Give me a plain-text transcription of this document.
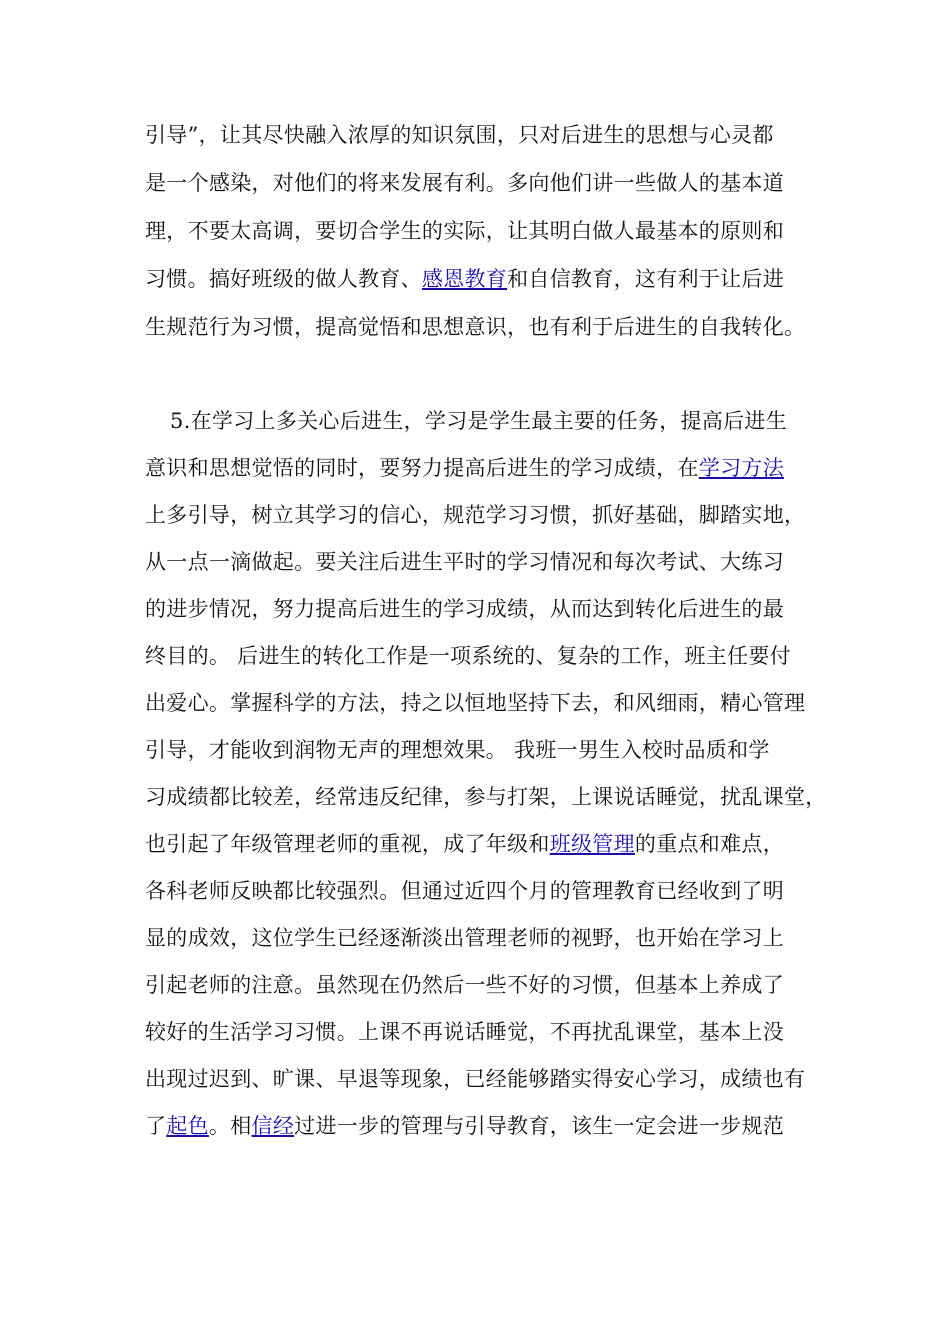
引导”，让其尽快融入浓厚的知识氛围，只对后进生的思想与心灵都
是一个感染，对他们的将来发展有利。多向他们讲一些做人的基本道
理，不要太高调，要切合学生的实际，让其明白做人最基本的原则和
习惯。搞好班级的做人教育、感恩教育和自信教育，这有利于让后进
生规范行为习惯，提高觉悟和思想意识，也有利于后进生的自我转化。
5.在学习上多关心后进生，学习是学生最主要的任务，提高后进生
意识和思想觉悟的同时，要努力提高后进生的学习成绩，在学习方法
上多引导，树立其学习的信心，规范学习习惯，抓好基础，脚踏实地，
从一点一滴做起。要关注后进生平时的学习情况和每次考试、大练习
的进步情况，努力提高后进生的学习成绩，从而达到转化后进生的最
终目的。 后进生的转化工作是一项系统的、复杂的工作，班主任要付
出爱心。掌握科学的方法，持之以恒地坚持下去，和风细雨，精心管理
引导，才能收到润物无声的理想效果。 我班一男生入校时品质和学
习成绩都比较差，经常违反纪律，参与打架，上课说话睡觉，扰乱课堂，
也引起了年级管理老师的重视，成了年级和班级管理的重点和难点，
各科老师反映都比较强烈。但通过近四个月的管理教育已经收到了明
显的成效，这位学生已经逐渐淡出管理老师的视野，也开始在学习上
引起老师的注意。虽然现在仍然后一些不好的习惯，但基本上养成了
较好的生活学习习惯。上课不再说话睡觉，不再扰乱课堂，基本上没
出现过迟到、旷课、早退等现象，已经能够踏实得安心学习，成绩也有
了起色。相信经过进一步的管理与引导教育，该生一定会进一步规范
